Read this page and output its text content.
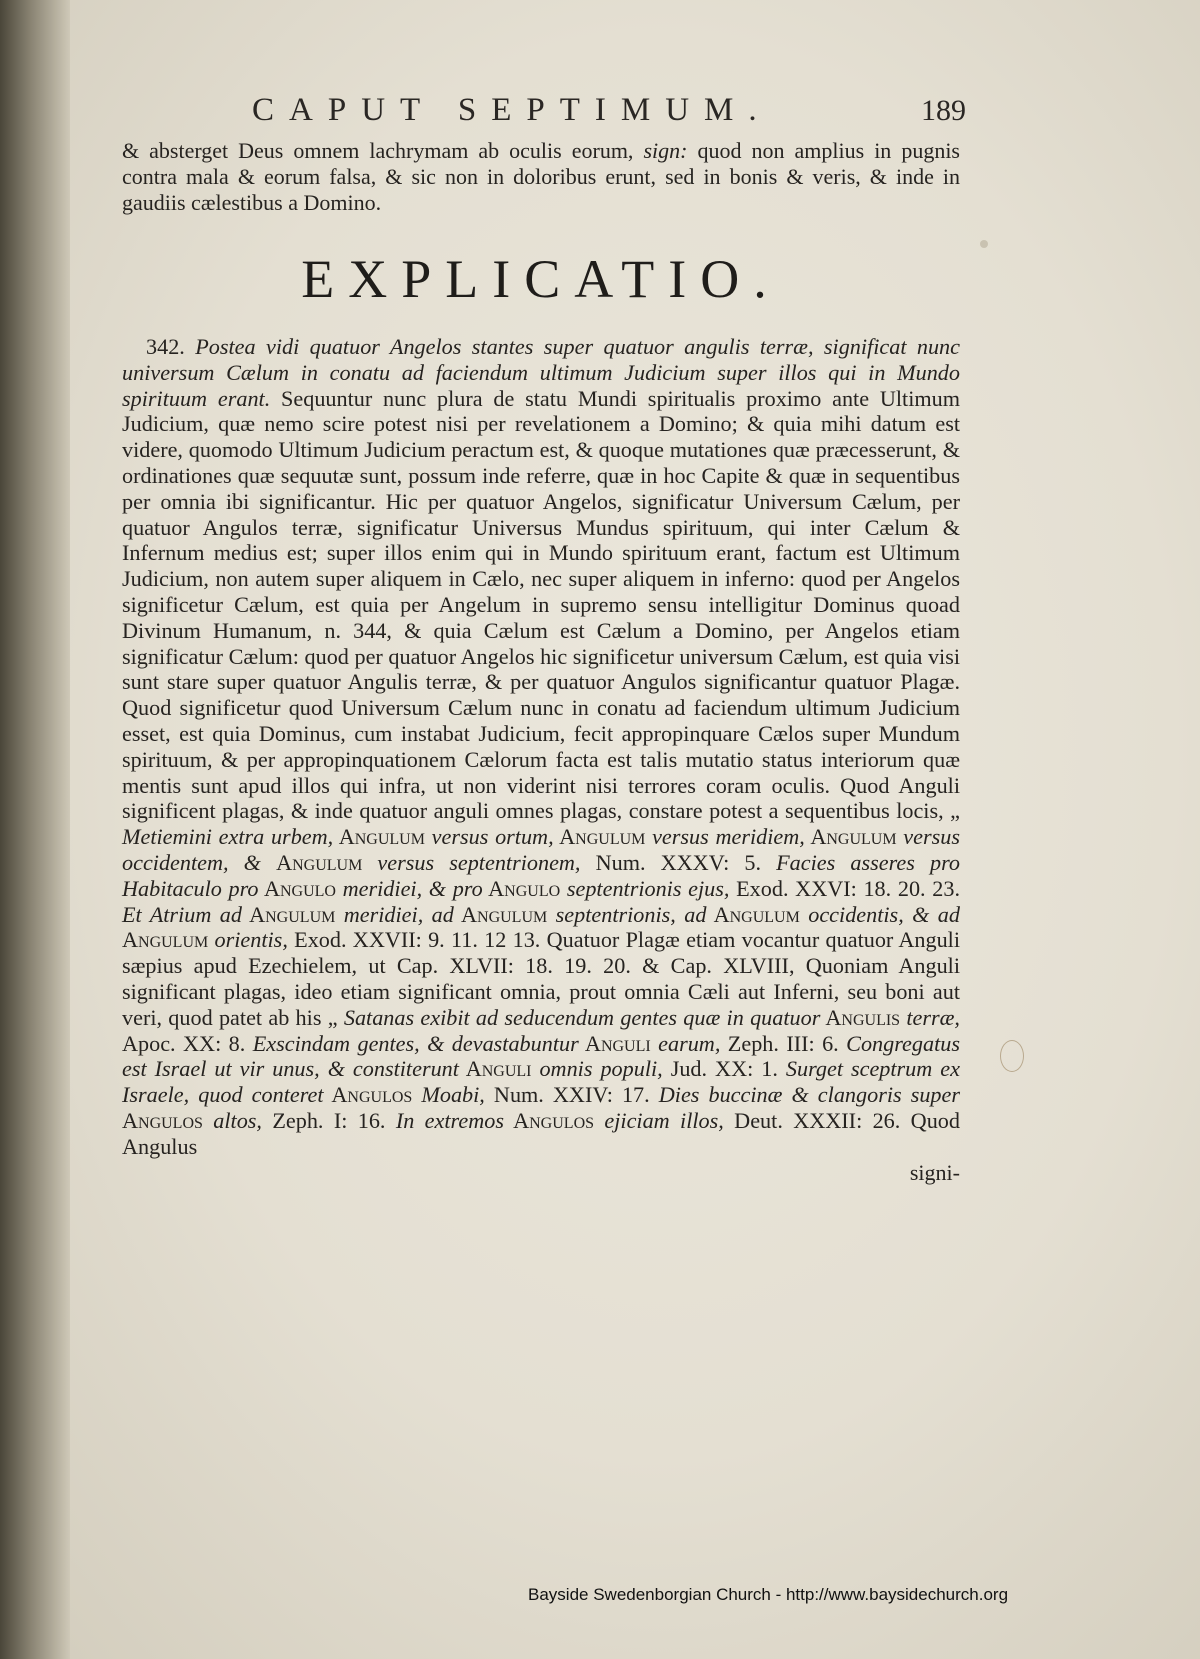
CAPUT SEPTIMUM.	189

& absterget Deus omnem lachrymam ab oculis eorum, sign: quod non amplius in pugnis contra mala & eorum falsa, & sic non in doloribus erunt, sed in bonis & veris, & inde in gaudiis cælestibus a Domino.

EXPLICATIO.

342. Postea vidi quatuor Angelos stantes super quatuor angulis terræ, significat nunc universum Cælum in conatu ad faciendum ultimum Judicium super illos qui in Mundo spirituum erant. Sequuntur nunc plura de statu Mundi spiritualis proximo ante Ultimum Judicium, quæ nemo scire potest nisi per revelationem a Domino; & quia mihi datum est videre, quomodo Ultimum Judicium peractum est, & quoque mutationes quæ præcesserunt, & ordinationes quæ sequutæ sunt, possum inde referre, quæ in hoc Capite & quæ in sequentibus per omnia ibi significantur. Hic per quatuor Angelos, significatur Universum Cælum, per quatuor Angulos terræ, significatur Universus Mundus spirituum, qui inter Cælum & Infernum medius est; super illos enim qui in Mundo spirituum erant, factum est Ultimum Judicium, non autem super aliquem in Cælo, nec super aliquem in inferno: quod per Angelos significetur Cælum, est quia per Angelum in supremo sensu intelligitur Dominus quoad Divinum Humanum, n. 344, & quia Cælum est Cælum a Domino, per Angelos etiam significatur Cælum: quod per quatuor Angelos hic significetur universum Cælum, est quia visi sunt stare super quatuor Angulis terræ, & per quatuor Angulos significantur quatuor Plagæ. Quod significetur quod Universum Cælum nunc in conatu ad faciendum ultimum Judicium esset, est quia Dominus, cum instabat Judicium, fecit appropinquare Cælos super Mundum spirituum, & per appropinquationem Cælorum facta est talis mutatio status interiorum quæ mentis sunt apud illos qui infra, ut non viderint nisi terrores coram oculis. Quod Anguli significent plagas, & inde quatuor anguli omnes plagas, constare potest a sequentibus locis, „ Metiemini extra urbem, Angulum versus ortum, Angulum versus meridiem, Angulum versus occidentem, & Angulum versus septentrionem, Num. XXXV: 5. Facies asseres pro Habitaculo pro Angulo meridiei, & pro Angulo septentrionis ejus, Exod. XXVI: 18. 20. 23. Et Atrium ad Angulum meridiei, ad Angulum septentrionis, ad Angulum occidentis, & ad Angulum orientis, Exod. XXVII: 9. 11. 12 13. Quatuor Plagæ etiam vocantur quatuor Anguli sæpius apud Ezechielem, ut Cap. XLVII: 18. 19. 20. & Cap. XLVIII, Quoniam Anguli significant plagas, ideo etiam significant omnia, prout omnia Cæli aut Inferni, seu boni aut veri, quod patet ab his „ Satanas exibit ad seducendum gentes quæ in quatuor Angulis terræ, Apoc. XX: 8. Exscindam gentes, & devastabuntur Anguli earum, Zeph. III: 6. Congregatus est Israel ut vir unus, & constiterunt Anguli omnis populi, Jud. XX: 1. Surget sceptrum ex Israele, quod conteret Angulos Moabi, Num. XXIV: 17. Dies buccinæ & clangoris super Angulos altos, Zeph. I: 16. In extremos Angulos ejiciam illos, Deut. XXXII: 26. Quod Angulus

signi-
Bayside Swedenborgian Church - http://www.baysidechurch.org
